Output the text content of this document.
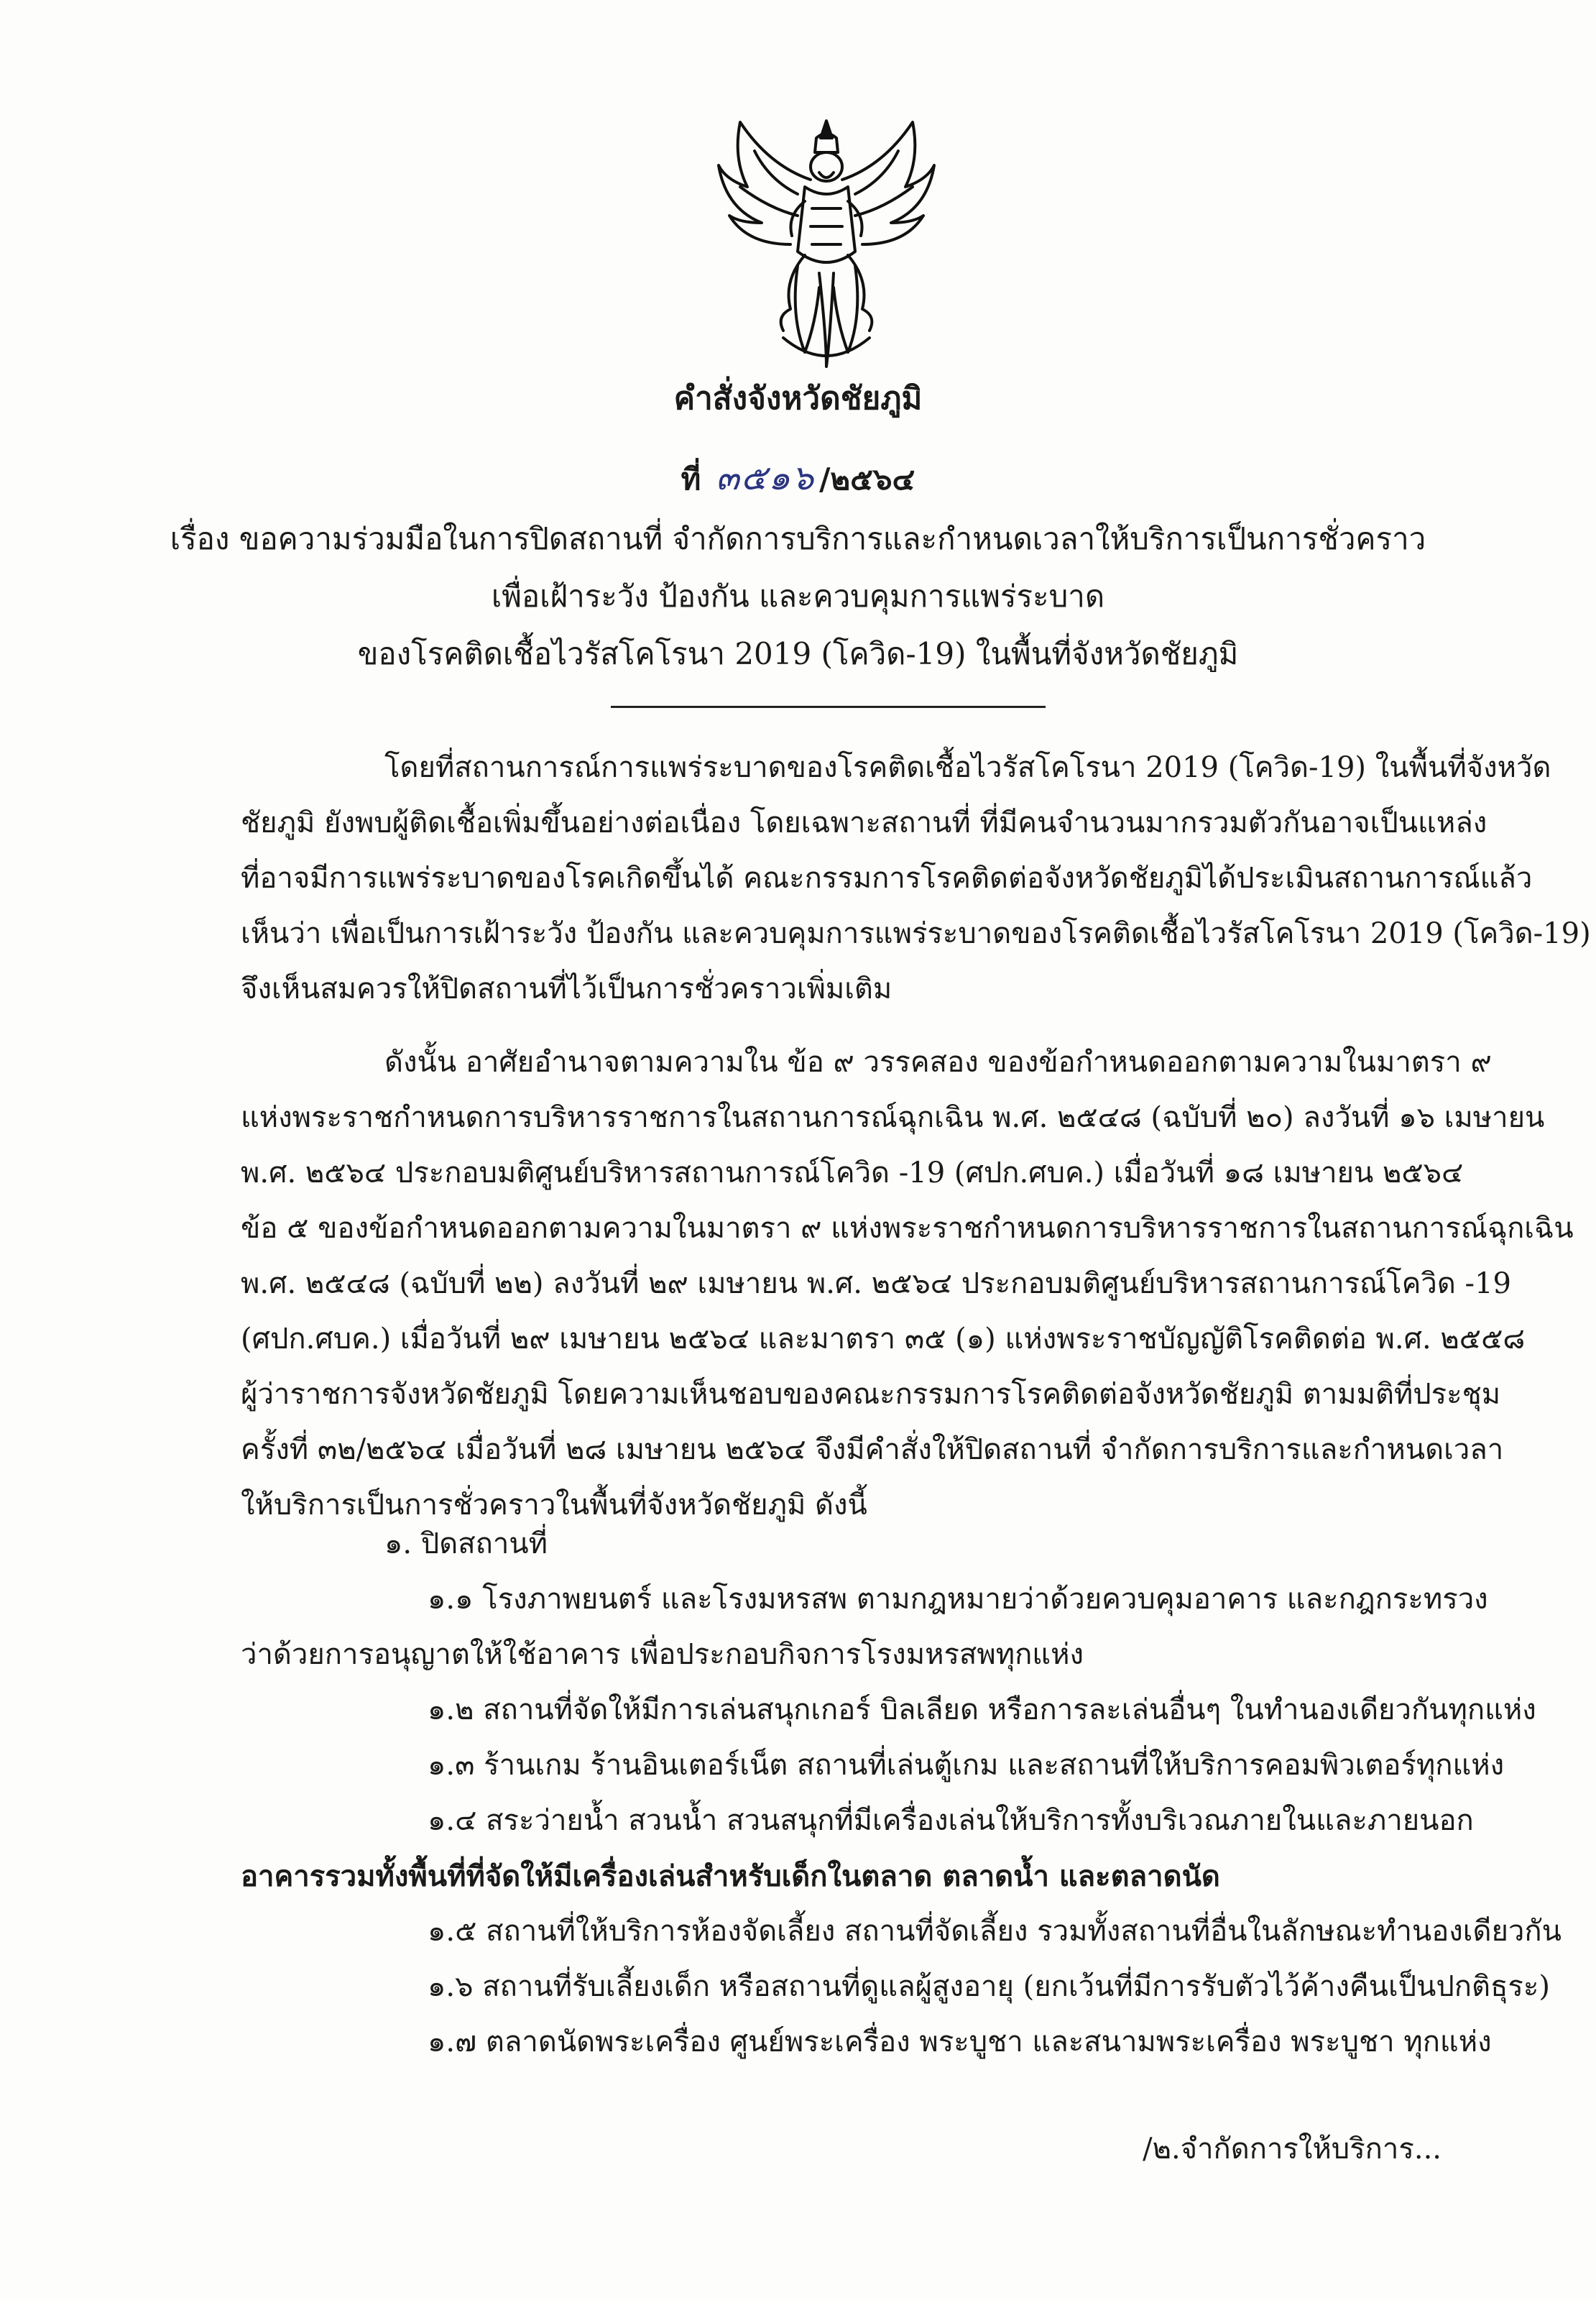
คำสั่งจังหวัดชัยภูมิ
ที่ ๓๕๑๖ /๒๕๖๔
เรื่อง ขอความร่วมมือในการปิดสถานที่ จำกัดการบริการและกำหนดเวลาให้บริการเป็นการชั่วคราว
เพื่อเฝ้าระวัง ป้องกัน และควบคุมการแพร่ระบาด
ของโรคติดเชื้อไวรัสโคโรนา 2019 (โควิด-19) ในพื้นที่จังหวัดชัยภูมิ
โดยที่สถานการณ์การแพร่ระบาดของโรคติดเชื้อไวรัสโคโรนา 2019 (โควิด-19) ในพื้นที่จังหวัด
ชัยภูมิ ยังพบผู้ติดเชื้อเพิ่มขึ้นอย่างต่อเนื่อง โดยเฉพาะสถานที่ ที่มีคนจำนวนมากรวมตัวกันอาจเป็นแหล่ง
ที่อาจมีการแพร่ระบาดของโรคเกิดขึ้นได้ คณะกรรมการโรคติดต่อจังหวัดชัยภูมิได้ประเมินสถานการณ์แล้ว
เห็นว่า เพื่อเป็นการเฝ้าระวัง ป้องกัน และควบคุมการแพร่ระบาดของโรคติดเชื้อไวรัสโคโรนา 2019 (โควิด-19)
จึงเห็นสมควรให้ปิดสถานที่ไว้เป็นการชั่วคราวเพิ่มเติม
ดังนั้น อาศัยอำนาจตามความใน ข้อ ๙ วรรคสอง ของข้อกำหนดออกตามความในมาตรา ๙
แห่งพระราชกำหนดการบริหารราชการในสถานการณ์ฉุกเฉิน พ.ศ. ๒๕๔๘ (ฉบับที่ ๒๐) ลงวันที่ ๑๖ เมษายน
พ.ศ. ๒๕๖๔ ประกอบมติศูนย์บริหารสถานการณ์โควิด -19 (ศปก.ศบค.) เมื่อวันที่ ๑๘ เมษายน ๒๕๖๔
ข้อ ๕ ของข้อกำหนดออกตามความในมาตรา ๙ แห่งพระราชกำหนดการบริหารราชการในสถานการณ์ฉุกเฉิน
พ.ศ. ๒๕๔๘ (ฉบับที่ ๒๒) ลงวันที่ ๒๙ เมษายน พ.ศ. ๒๕๖๔ ประกอบมติศูนย์บริหารสถานการณ์โควิด -19
(ศปก.ศบค.) เมื่อวันที่ ๒๙ เมษายน ๒๕๖๔ และมาตรา ๓๕ (๑) แห่งพระราชบัญญัติโรคติดต่อ พ.ศ. ๒๕๕๘
ผู้ว่าราชการจังหวัดชัยภูมิ โดยความเห็นชอบของคณะกรรมการโรคติดต่อจังหวัดชัยภูมิ ตามมติที่ประชุม
ครั้งที่ ๓๒/๒๕๖๔ เมื่อวันที่ ๒๘ เมษายน ๒๕๖๔ จึงมีคำสั่งให้ปิดสถานที่ จำกัดการบริการและกำหนดเวลา
ให้บริการเป็นการชั่วคราวในพื้นที่จังหวัดชัยภูมิ ดังนี้
๑. ปิดสถานที่
๑.๑ โรงภาพยนตร์ และโรงมหรสพ ตามกฎหมายว่าด้วยควบคุมอาคาร และกฎกระทรวง
ว่าด้วยการอนุญาตให้ใช้อาคาร เพื่อประกอบกิจการโรงมหรสพทุกแห่ง
๑.๒ สถานที่จัดให้มีการเล่นสนุกเกอร์ บิลเลียด หรือการละเล่นอื่นๆ ในทำนองเดียวกันทุกแห่ง
๑.๓ ร้านเกม ร้านอินเตอร์เน็ต สถานที่เล่นตู้เกม และสถานที่ให้บริการคอมพิวเตอร์ทุกแห่ง
๑.๔ สระว่ายน้ำ สวนน้ำ สวนสนุกที่มีเครื่องเล่นให้บริการทั้งบริเวณภายในและภายนอก
อาคารรวมทั้งพื้นที่ที่จัดให้มีเครื่องเล่นสำหรับเด็กในตลาด ตลาดน้ำ และตลาดนัด
๑.๕ สถานที่ให้บริการห้องจัดเลี้ยง สถานที่จัดเลี้ยง รวมทั้งสถานที่อื่นในลักษณะทำนองเดียวกัน
๑.๖ สถานที่รับเลี้ยงเด็ก หรือสถานที่ดูแลผู้สูงอายุ (ยกเว้นที่มีการรับตัวไว้ค้างคืนเป็นปกติธุระ)
๑.๗ ตลาดนัดพระเครื่อง ศูนย์พระเครื่อง พระบูชา และสนามพระเครื่อง พระบูชา ทุกแห่ง
/๒.จำกัดการให้บริการ...
